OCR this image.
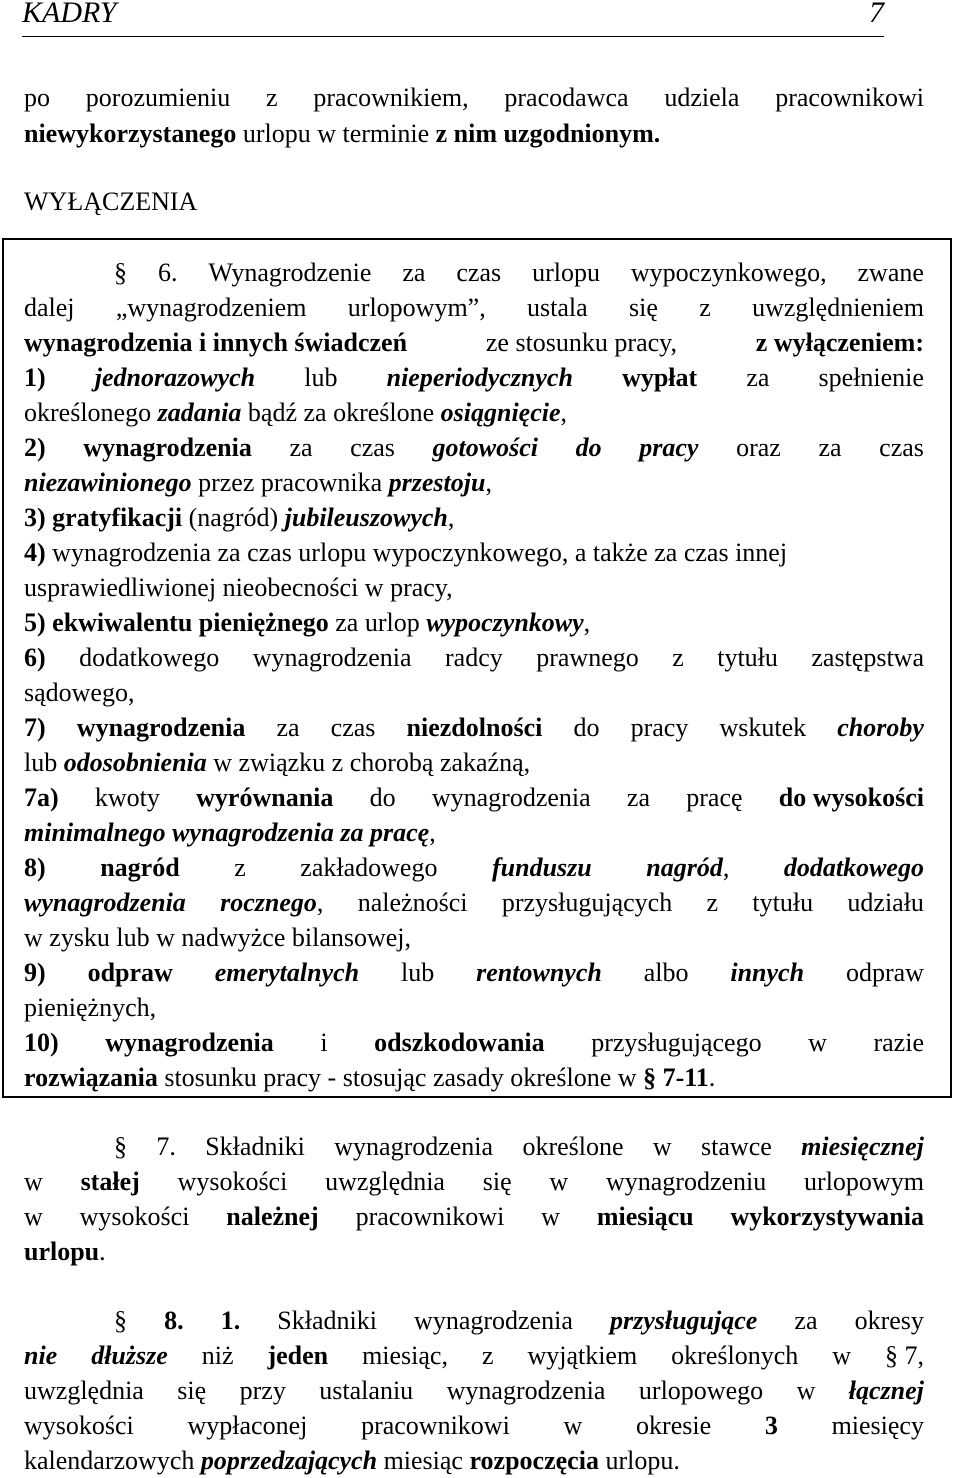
KADRY	7
po porozumieniu z pracownikiem, pracodawca udziela pracownikowi
niewykorzystanego urlopu w terminie z nim uzgodnionym.
WYŁĄCZENIA
§ 6. Wynagrodzenie za czas urlopu wypoczynkowego, zwane
dalej „wynagrodzeniem urlopowym”, ustala się z uwzględnieniem
wynagrodzenia i innych świadczeń	ze stosunku pracy,	z wyłączeniem:
1) jednorazowych lub nieperiodycznych wypłat za spełnienie
określonego zadania bądź za określone osiągnięcie,
2) wynagrodzenia za czas gotowości do pracy oraz za czas
niezawinionego przez pracownika przestoju,
3) gratyfikacji (nagród) jubileuszowych,
4) wynagrodzenia za czas urlopu wypoczynkowego, a także za czas innej
usprawiedliwionej nieobecności w pracy,
5) ekwiwalentu pieniężnego za urlop wypoczynkowy,
6) dodatkowego wynagrodzenia radcy prawnego z tytułu zastępstwa
sądowego,
7) wynagrodzenia za czas niezdolności do pracy wskutek choroby
lub odosobnienia w związku z chorobą zakaźną,
7a) kwoty wyrównania do wynagrodzenia za pracę do wysokości
minimalnego wynagrodzenia za pracę,
8) nagród z zakładowego funduszu nagród, dodatkowego
wynagrodzenia rocznego, należności przysługujących z tytułu udziału
w zysku lub w nadwyżce bilansowej,
9) odpraw emerytalnych lub rentownych albo innych odpraw
pieniężnych,
10) wynagrodzenia i odszkodowania przysługującego w razie
rozwiązania stosunku pracy - stosując zasady określone w § 7-11.
§ 7. Składniki wynagrodzenia określone w stawce miesięcznej
w stałej wysokości uwzględnia się w wynagrodzeniu urlopowym
w wysokości należnej pracownikowi w miesiącu wykorzystywania
urlopu.
§ 8. 1. Składniki wynagrodzenia przysługujące za okresy
nie dłuższe niż jeden miesiąc, z wyjątkiem określonych w § 7,
uwzględnia się przy ustalaniu wynagrodzenia urlopowego w łącznej
wysokości wypłaconej pracownikowi w okresie 3 miesięcy
kalendarzowych poprzedzających miesiąc rozpoczęcia urlopu.
